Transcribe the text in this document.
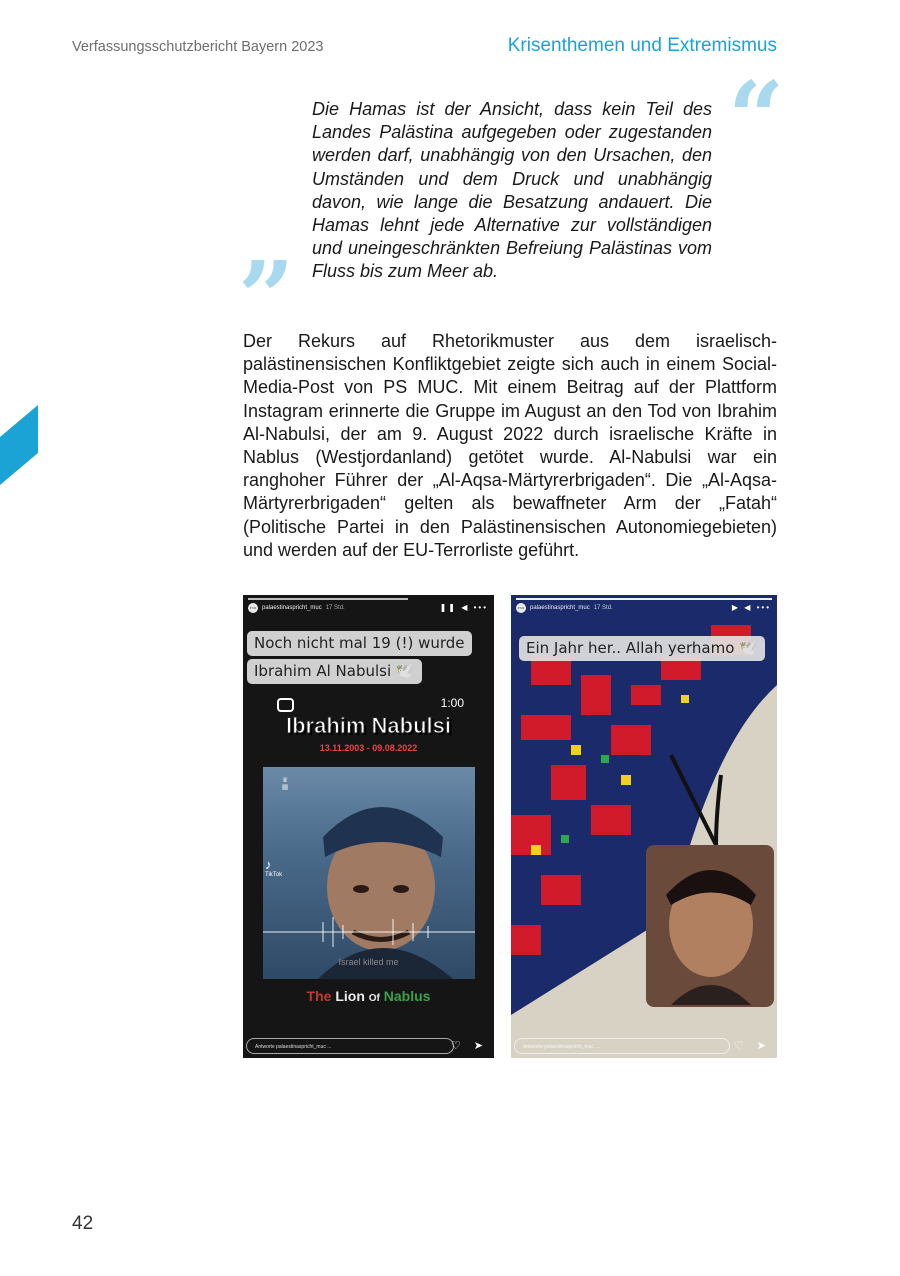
Verfassungsschutzbericht Bayern 2023	Krisenthemen und Extremismus
“
Die Hamas ist der Ansicht, dass kein Teil des Landes Palästina aufgegeben oder zugestanden werden darf, unabhängig von den Ursachen, den Umständen und dem Druck und unabhängig davon, wie lange die Besatzung andauert. Die Hamas lehnt jede Alternative zur vollständigen und uneingeschränkten Befreiung Palästinas vom Fluss bis zum Meer ab.
”
Der Rekurs auf Rhetorikmuster aus dem israelisch-palästinensischen Konfliktgebiet zeigte sich auch in einem Social-Media-Post von PS MUC. Mit einem Beitrag auf der Plattform Instagram erinnerte die Gruppe im August an den Tod von Ibrahim Al-Nabulsi, der am 9. August 2022 durch israelische Kräfte in Nablus (Westjordanland) getötet wurde. Al-Nabulsi war ein ranghoher Führer der „Al-Aqsa-Märtyrerbrigaden“. Die „Al-Aqsa-Märtyrerbrigaden“ gelten als bewaffneter Arm der „Fatah“ (Politische Partei in den Palästinensischen Autonomiegebieten) und werden auf der EU-Terrorliste geführt.
PSM palaestinaspricht_muc 17 Std.	❚❚ ◀ •••
Noch nicht mal 19 (!) wurde
Ibrahim Al Nabulsi 🕊️
1:00
Ibrahim Nabulsi
13.11.2003 - 09.08.2022
♛
▦
♪
TikTok
Israel killed me
The Lion Of Nablus
Antworte palaestinaspricht_muc ...	♡ ➤
PSM palaestinaspricht_muc 17 Std.	▶ ◀ •••
Ein Jahr her.. Allah yerhamo 🕊️
Antworte palaestinaspricht_muc ...	♡ ➤
42
